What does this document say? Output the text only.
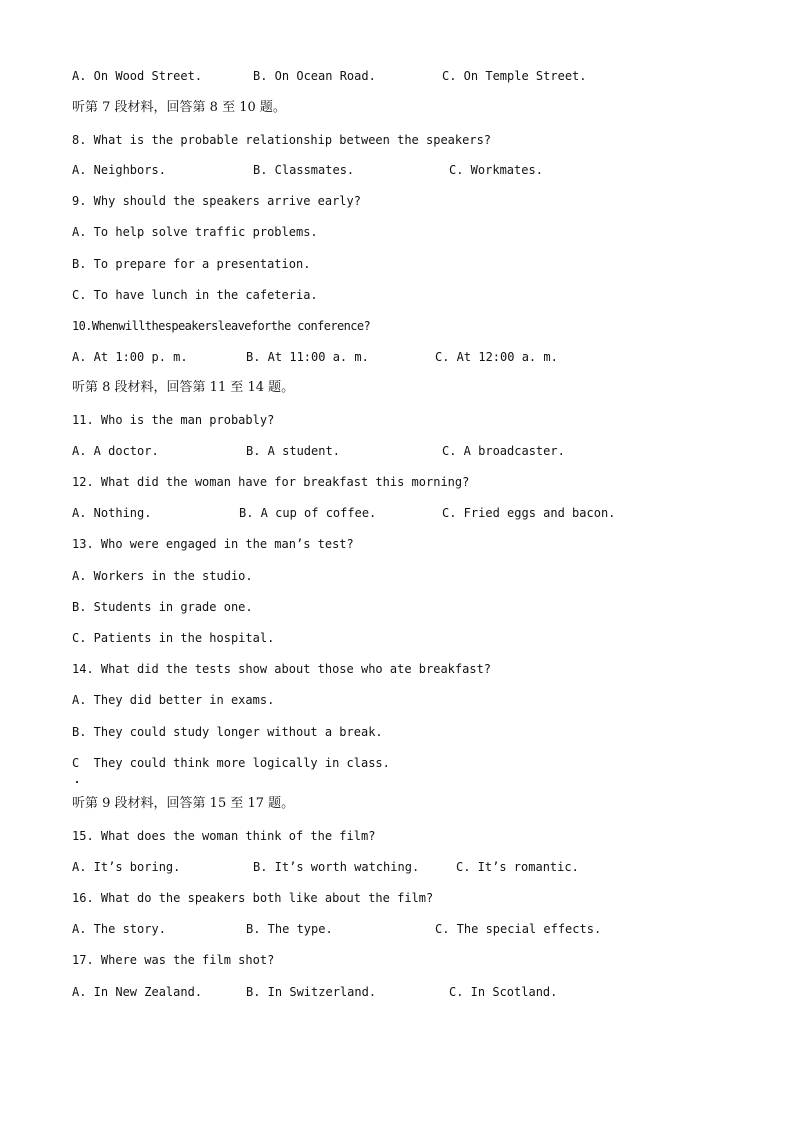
A. On Wood Street.	B. On Ocean Road.	C. On Temple Street.
听第 7 段材料，回答第 8 至 10 题。
8. What is the probable relationship between the speakers?
A. Neighbors.	B. Classmates.	C. Workmates.
9. Why should the speakers arrive early?
A. To help solve traffic problems.
B. To prepare for a presentation.
C. To have lunch in the cafeteria.
10.Whenwillthespeakersleaveforthe conference?
A. At 1:00 p. m.	B. At 11:00 a. m.	C. At 12:00 a. m.
听第 8 段材料，回答第 11 至 14 题。
11. Who is the man probably?
A. A doctor.	B. A student.	C. A broadcaster.
12. What did the woman have for breakfast this morning?
A. Nothing.	B. A cup of coffee.	C. Fried eggs and bacon.
13. Who were engaged in the man’s test?
A. Workers in the studio.
B. Students in grade one.
C. Patients in the hospital.
14. What did the tests show about those who ate breakfast?
A. They did better in exams.
B. They could study longer without a break.
C  They could think more logically in class.
听第 9 段材料，回答第 15 至 17 题。
15. What does the woman think of the film?
A. It’s boring.	B. It’s worth watching.	C. It’s romantic.
16. What do the speakers both like about the film?
A. The story.	B. The type.	C. The special effects.
17. Where was the film shot?
A. In New Zealand.	B. In Switzerland.	C. In Scotland.
